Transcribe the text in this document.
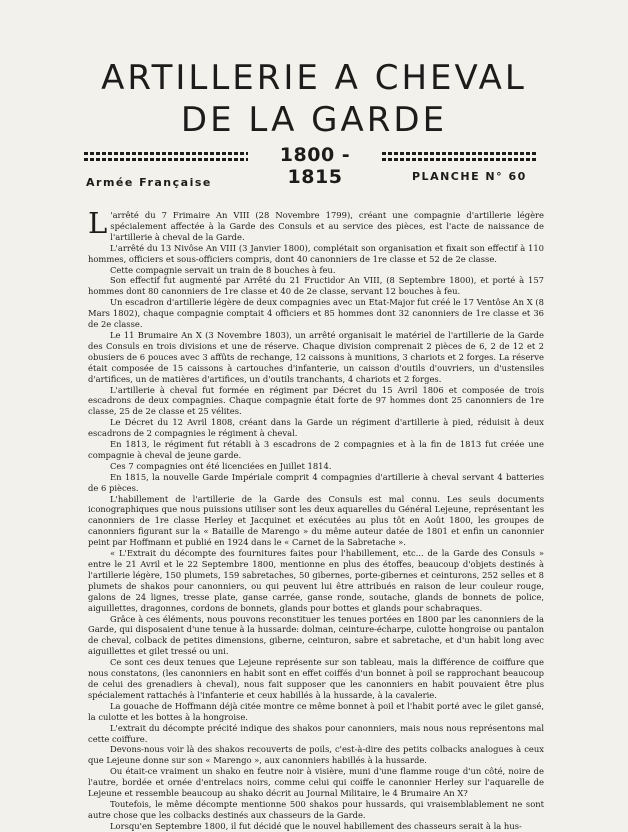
ARTILLERIE A CHEVAL
DE LA GARDE
1800 - 1815
Armée Française	PLANCHE N° 60

L 'arrêté du 7 Frimaire An VIII (28 Novembre 1799), créant une compagnie d'artillerie légère spécialement affectée à la Garde des Consuls et au service des pièces, est l'acte de naissance de l'artillerie à cheval de la Garde.

L'arrêté du 13 Nivôse An VIII (3 Janvier 1800), complétait son organisation et fixait son effectif à 110 hommes, officiers et sous-officiers compris, dont 40 canonniers de 1re classe et 52 de 2e classe.

Cette compagnie servait un train de 8 bouches à feu.

Son effectif fut augmenté par Arrêté du 21 Fructidor An VIII, (8 Septembre 1800), et porté à 157 hommes dont 80 canonniers de 1re classe et 40 de 2e classe, servant 12 bouches à feu.

Un escadron d'artillerie légère de deux compagnies avec un Etat-Major fut créé le 17 Ventôse An X (8 Mars 1802), chaque compagnie comptait 4 officiers et 85 hommes dont 32 canonniers de 1re classe et 36 de 2e classe.

Le 11 Brumaire An X (3 Novembre 1803), un arrêté organisait le matériel de l'artillerie de la Garde des Consuls en trois divisions et une de réserve. Chaque division comprenait 2 pièces de 6, 2 de 12 et 2 obusiers de 6 pouces avec 3 affûts de rechange, 12 caissons à munitions, 3 chariots et 2 forges. La réserve était composée de 15 caissons à cartouches d'infanterie, un caisson d'outils d'ouvriers, un d'ustensiles d'artifices, un de matières d'artifices, un d'outils tranchants, 4 chariots et 2 forges.

L'artillerie à cheval fut formée en régiment par Décret du 15 Avril 1806 et composée de trois escadrons de deux compagnies. Chaque compagnie était forte de 97 hommes dont 25 canonniers de 1re classe, 25 de 2e classe et 25 vélites.

Le Décret du 12 Avril 1808, créant dans la Garde un régiment d'artillerie à pied, réduisit à deux escadrons de 2 compagnies le régiment à cheval.

En 1813, le régiment fut rétabli à 3 escadrons de 2 compagnies et à la fin de 1813 fut créée une compagnie à cheval de jeune garde.

Ces 7 compagnies ont été licenciées en Juillet 1814.

En 1815, la nouvelle Garde Impériale comprit 4 compagnies d'artillerie à cheval servant 4 batteries de 6 pièces.

L'habillement de l'artillerie de la Garde des Consuls est mal connu. Les seuls documents iconographiques que nous puissions utiliser sont les deux aquarelles du Général Lejeune, représentant les canonniers de 1re classe Herley et Jacquinet et exécutées au plus tôt en Août 1800, les groupes de canonniers figurant sur la « Bataille de Marengo » du même auteur datée de 1801 et enfin un canonnier peint par Hoffmann et publié en 1924 dans le « Carnet de la Sabretache ».

« L'Extrait du décompte des fournitures faites pour l'habillement, etc... de la Garde des Consuls » entre le 21 Avril et le 22 Septembre 1800, mentionne en plus des étoffes, beaucoup d'objets destinés à l'artillerie légère, 150 plumets, 159 sabretaches, 50 gibernes, porte-gibernes et ceinturons, 252 selles et 8 plumets de shakos pour canonniers, ou qui peuvent lui être attribués en raison de leur couleur rouge, galons de 24 lignes, tresse plate, ganse carrée, ganse ronde, soutache, glands de bonnets de police, aiguillettes, dragonnes, cordons de bonnets, glands pour bottes et glands pour schabraques.

Grâce à ces éléments, nous pouvons reconstituer les tenues portées en 1800 par les canonniers de la Garde, qui disposaient d'une tenue à la hussarde: dolman, ceinture-écharpe, culotte hongroise ou pantalon de cheval, colback de petites dimensions, giberne, ceinturon, sabre et sabretache, et d'un habit long avec aiguillettes et gilet tressé ou uni.

Ce sont ces deux tenues que Lejeune représente sur son tableau, mais la différence de coiffure que nous constatons, (les canonniers en habit sont en effet coiffés d'un bonnet à poil se rapprochant beaucoup de celui des grenadiers à cheval), nous fait supposer que les canonniers en habit pouvaient être plus spécialement rattachés à l'infanterie et ceux habillés à la hussarde, à la cavalerie.

La gouache de Hoffmann déjà citée montre ce même bonnet à poil et l'habit porté avec le gilet gansé, la culotte et les bottes à la hongroise.

L'extrait du décompte précité indique des shakos pour canonniers, mais nous nous représentons mal cette coiffure.

Devons-nous voir là des shakos recouverts de poils, c'est-à-dire des petits colbacks analogues à ceux que Lejeune donne sur son « Marengo », aux canonniers habillés à la hussarde.

Ou était-ce vraiment un shako en feutre noir à visière, muni d'une flamme rouge d'un côté, noire de l'autre, bordée et ornée d'entrelacs noirs, comme celui qui coiffe le canonnier Herley sur l'aquarelle de Lejeune et ressemble beaucoup au shako décrit au Journal Militaire, le 4 Brumaire An X?

Toutefois, le même décompte mentionne 500 shakos pour hussards, qui vraisemblablement ne sont autre chose que les colbacks destinés aux chasseurs de la Garde.

Lorsqu'en Septembre 1800, il fut décidé que le nouvel habillement des chasseurs serait à la hus-
